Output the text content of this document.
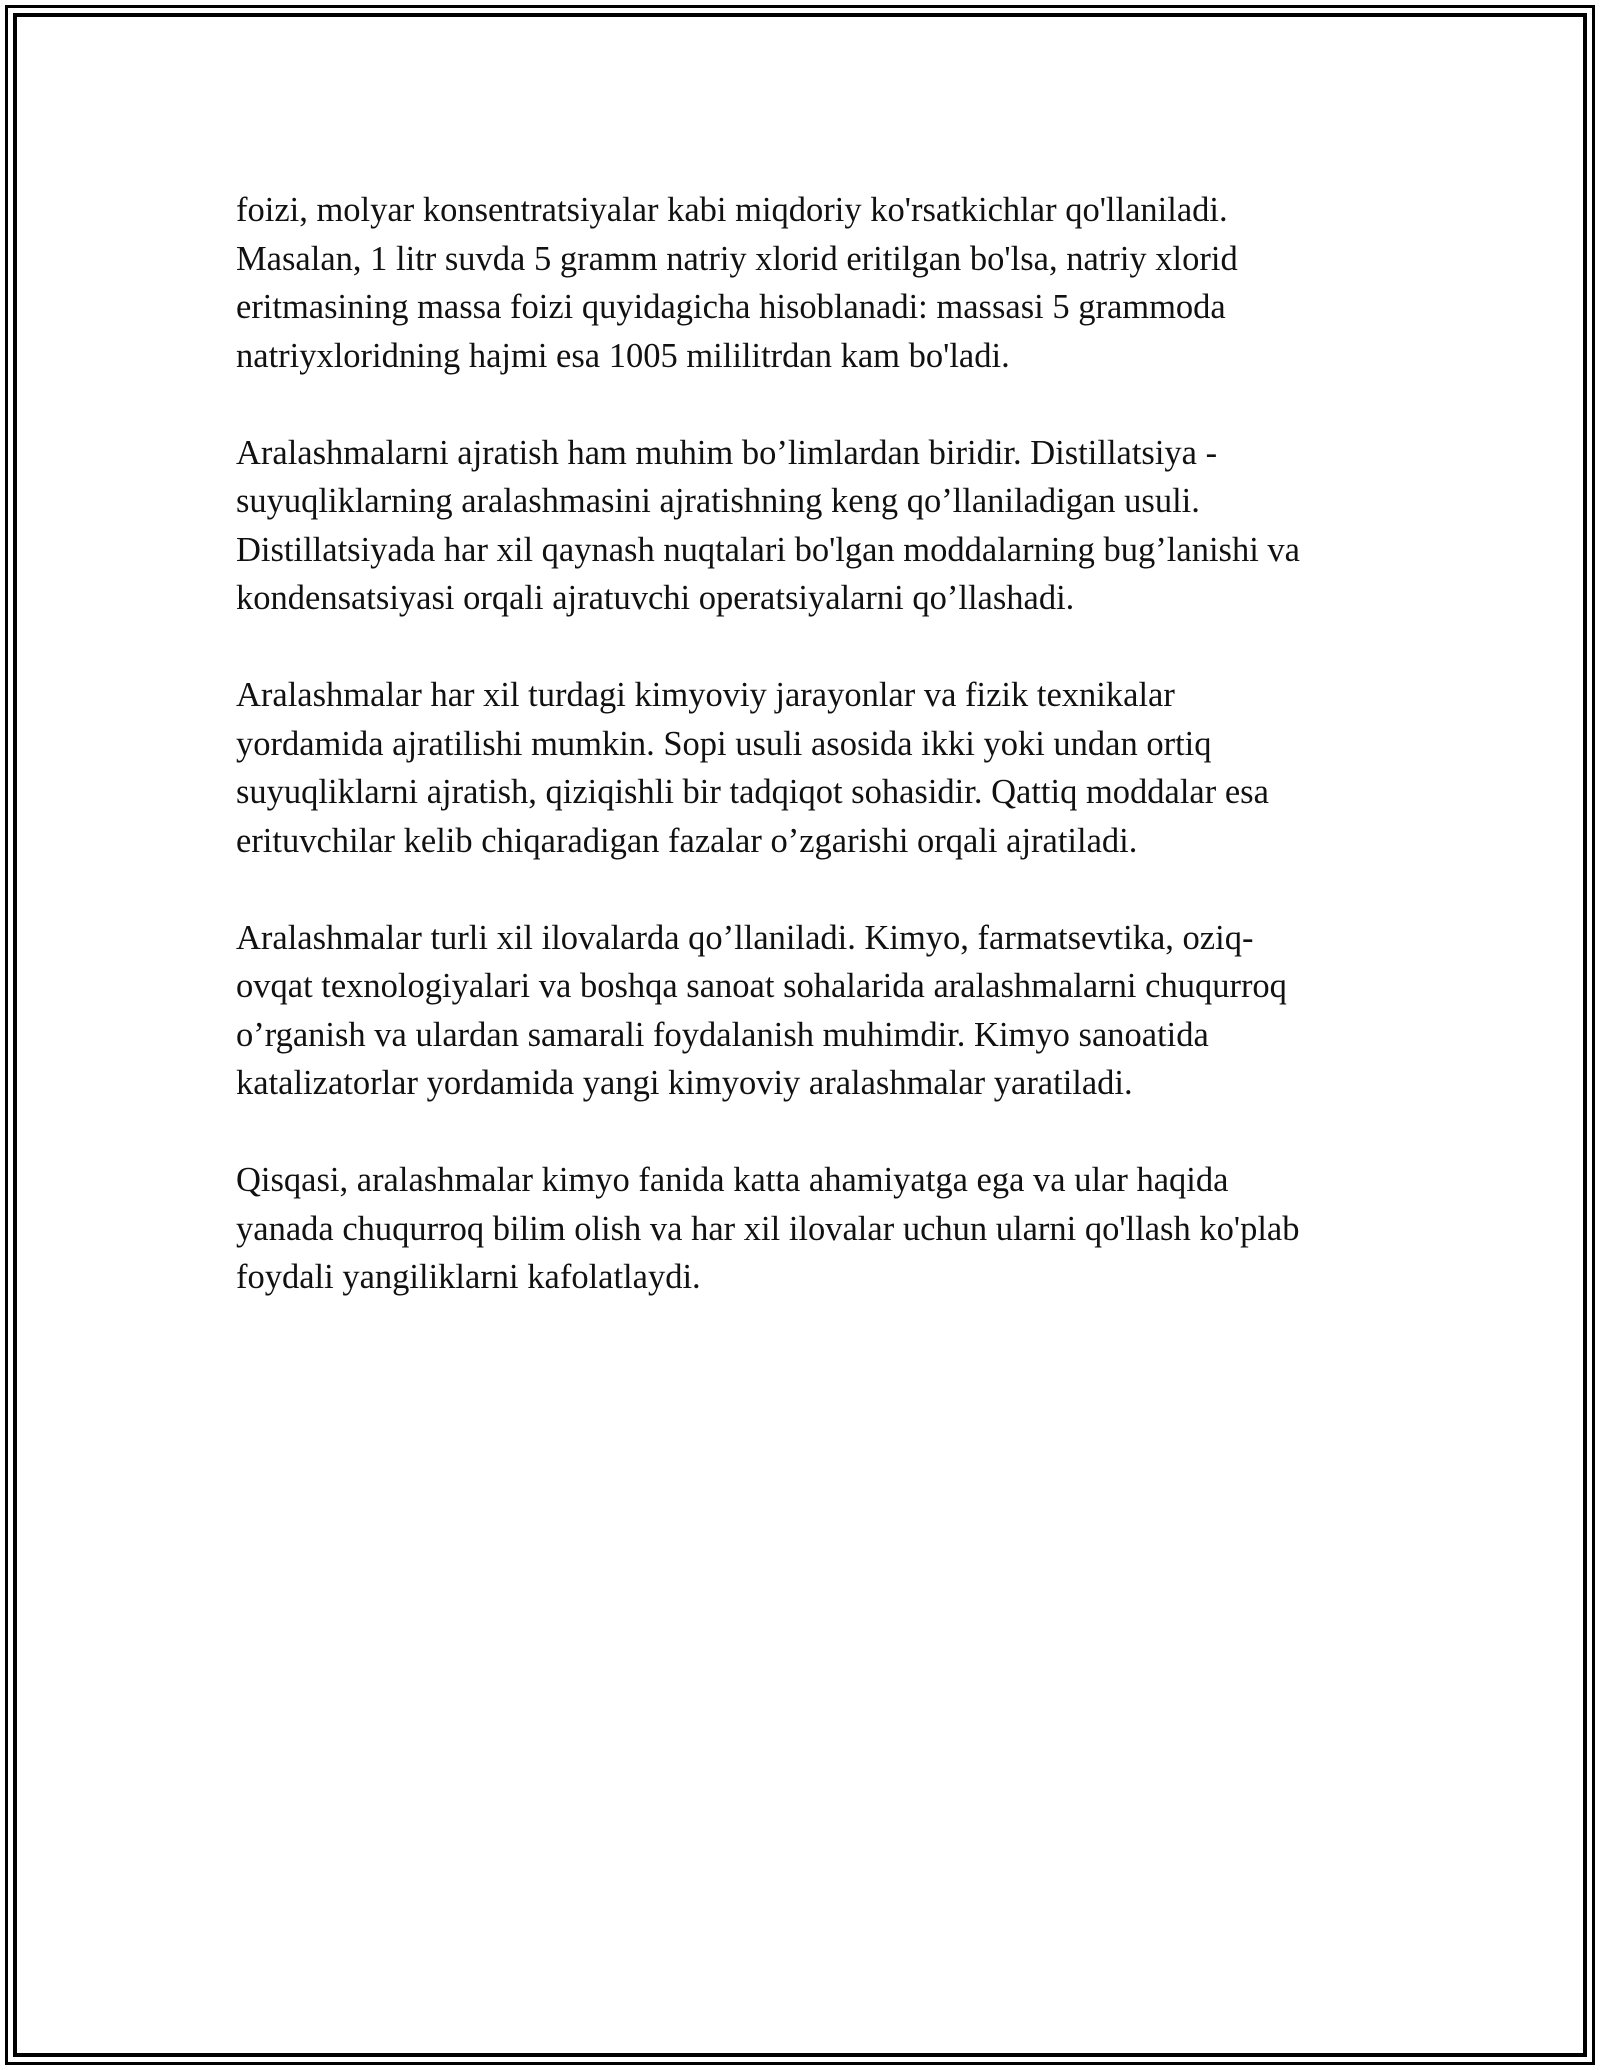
foizi, molyar konsentratsiyalar kabi miqdoriy ko'rsatkichlar qo'llaniladi.
Masalan, 1 litr suvda 5 gramm natriy xlorid eritilgan bo'lsa, natriy xlorid
eritmasining massa foizi quyidagicha hisoblanadi: massasi 5 grammoda
natriyxloridning hajmi esa 1005 mililitrdan kam bo'ladi.

Aralashmalarni ajratish ham muhim bo’limlardan biridir. Distillatsiya -
suyuqliklarning aralashmasini ajratishning keng qo’llaniladigan usuli.
Distillatsiyada har xil qaynash nuqtalari bo'lgan moddalarning bug’lanishi va
kondensatsiyasi orqali ajratuvchi operatsiyalarni qo’llashadi.

Aralashmalar har xil turdagi kimyoviy jarayonlar va fizik texnikalar
yordamida ajratilishi mumkin. Sopi usuli asosida ikki yoki undan ortiq
suyuqliklarni ajratish, qiziqishli bir tadqiqot sohasidir. Qattiq moddalar esa
erituvchilar kelib chiqaradigan fazalar o’zgarishi orqali ajratiladi.

Aralashmalar turli xil ilovalarda qo’llaniladi. Kimyo, farmatsevtika, oziq-
ovqat texnologiyalari va boshqa sanoat sohalarida aralashmalarni chuqurroq
o’rganish va ulardan samarali foydalanish muhimdir. Kimyo sanoatida
katalizatorlar yordamida yangi kimyoviy aralashmalar yaratiladi.

Qisqasi, aralashmalar kimyo fanida katta ahamiyatga ega va ular haqida
yanada chuqurroq bilim olish va har xil ilovalar uchun ularni qo'llash ko'plab
foydali yangiliklarni kafolatlaydi.
